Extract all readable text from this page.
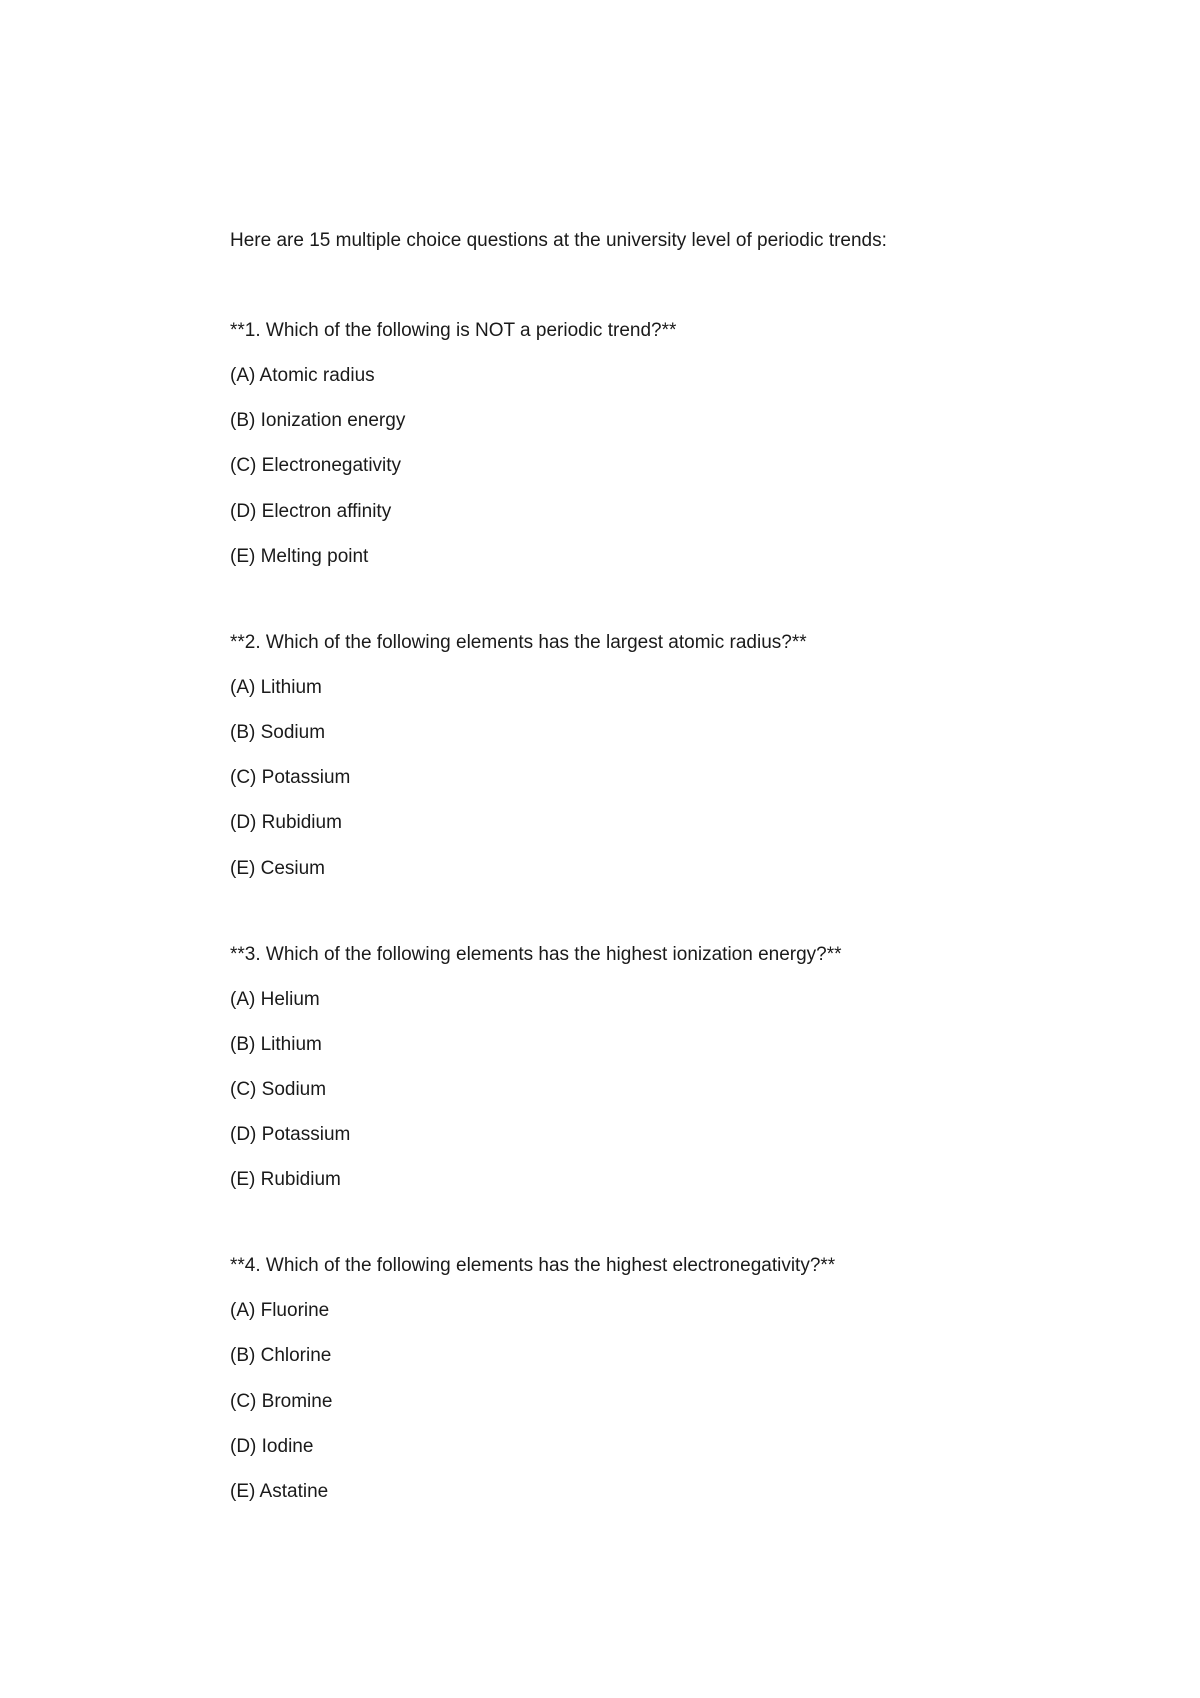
Here are 15 multiple choice questions at the university level of periodic trends:

**1. Which of the following is NOT a periodic trend?**

(A) Atomic radius

(B) Ionization energy

(C) Electronegativity

(D) Electron affinity

(E) Melting point

**2. Which of the following elements has the largest atomic radius?**

(A) Lithium

(B) Sodium

(C) Potassium

(D) Rubidium

(E) Cesium

**3. Which of the following elements has the highest ionization energy?**

(A) Helium

(B) Lithium

(C) Sodium

(D) Potassium

(E) Rubidium

**4. Which of the following elements has the highest electronegativity?**

(A) Fluorine

(B) Chlorine

(C) Bromine

(D) Iodine

(E) Astatine
